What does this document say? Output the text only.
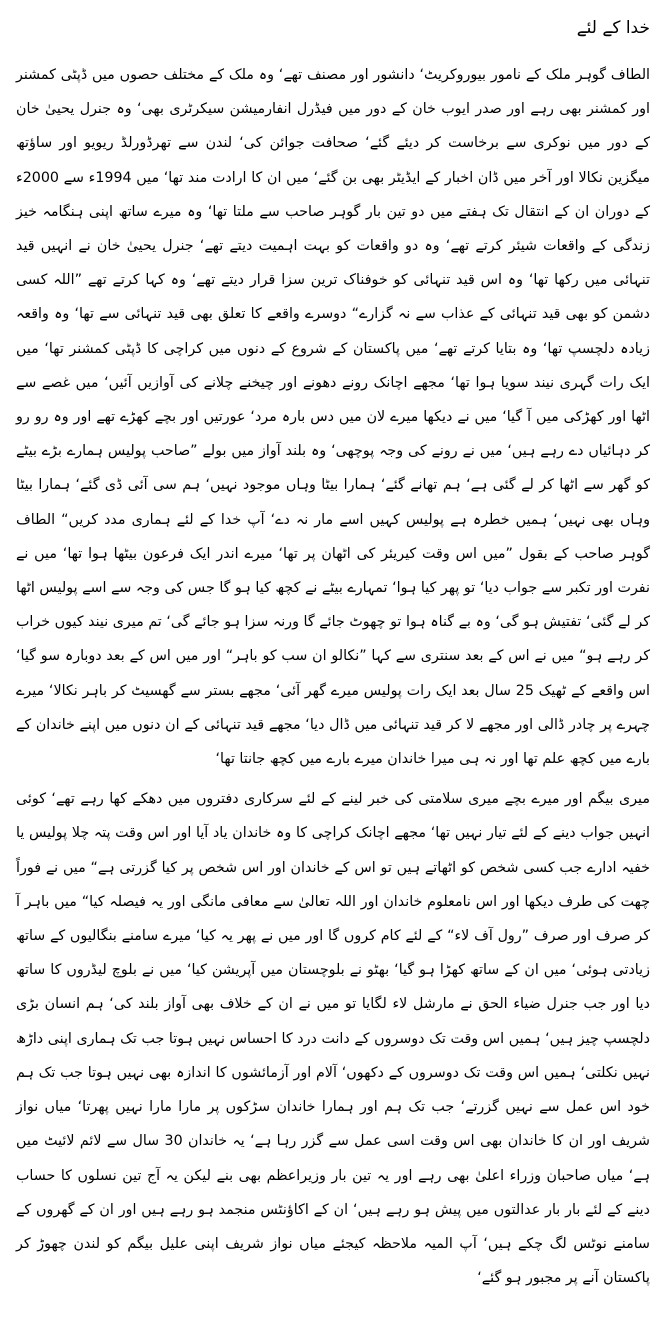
خدا کے لئے

الطاف گوہر ملک کے نامور بیوروکریٹ‘ دانشور اور مصنف تھے‘ وہ ملک کے مختلف حصوں میں ڈپٹی کمشنر اور کمشنر بھی رہے اور صدر ایوب خان کے دور میں فیڈرل انفارمیشن سیکرٹری بھی‘ وہ جنرل یحییٰ خان کے دور میں نوکری سے برخاست کر دیئے گئے‘ صحافت جوائن کی‘ لندن سے تھرڈورلڈ ریویو اور ساؤتھ میگزین نکالا اور آخر میں ڈان اخبار کے ایڈیٹر بھی بن گئے‘ میں ان کا ارادت مند تھا‘ میں 1994ء سے 2000ء کے دوران ان کے انتقال تک ہفتے میں دو تین بار گوہر صاحب سے ملتا تھا‘ وہ میرے ساتھ اپنی ہنگامہ خیز زندگی کے واقعات شیئر کرتے تھے‘ وہ دو واقعات کو بہت اہمیت دیتے تھے‘ جنرل یحییٰ خان نے انہیں قید تنہائی میں رکھا تھا‘ وہ اس قید تنہائی کو خوفناک ترین سزا قرار دیتے تھے‘ وہ کہا کرتے تھے ”اللہ کسی دشمن کو بھی قید تنہائی کے عذاب سے نہ گزارے“ دوسرے واقعے کا تعلق بھی قید تنہائی سے تھا‘ وہ واقعہ زیادہ دلچسپ تھا‘ وہ بتایا کرتے تھے‘ میں پاکستان کے شروع کے دنوں میں کراچی کا ڈپٹی کمشنر تھا‘ میں ایک رات گہری نیند سویا ہوا تھا‘ مجھے اچانک رونے دھونے اور چیخنے چلانے کی آوازیں آئیں‘ میں غصے سے اٹھا اور کھڑکی میں آ گیا‘ میں نے دیکھا میرے لان میں دس بارہ مرد‘ عورتیں اور بچے کھڑے تھے اور وہ رو رو کر دہائیاں دے رہے ہیں‘ میں نے رونے کی وجہ پوچھی‘ وہ بلند آواز میں بولے ”صاحب پولیس ہمارے بڑے بیٹے کو گھر سے اٹھا کر لے گئی ہے‘ ہم تھانے گئے‘ ہمارا بیٹا وہاں موجود نہیں‘ ہم سی آئی ڈی گئے‘ ہمارا بیٹا وہاں بھی نہیں‘ ہمیں خطرہ ہے پولیس کہیں اسے مار نہ دے‘ آپ خدا کے لئے ہماری مدد کریں“ الطاف گوہر صاحب کے بقول ”میں اس وقت کیریئر کی اٹھان پر تھا‘ میرے اندر ایک فرعون بیٹھا ہوا تھا‘ میں نے نفرت اور تکبر سے جواب دیا‘ تو پھر کیا ہوا‘ تمہارے بیٹے نے کچھ کیا ہو گا جس کی وجہ سے اسے پولیس اٹھا کر لے گئی‘ تفتیش ہو گی‘ وہ بے گناہ ہوا تو چھوٹ جائے گا ورنہ سزا ہو جائے گی‘ تم میری نیند کیوں خراب کر رہے ہو“ میں نے اس کے بعد سنتری سے کہا ”نکالو ان سب کو باہر“ اور میں اس کے بعد دوبارہ سو گیا‘ اس واقعے کے ٹھیک 25 سال بعد ایک رات پولیس میرے گھر آئی‘ مجھے بستر سے گھسیٹ کر باہر نکالا‘ میرے چہرے پر چادر ڈالی اور مجھے لا کر قید تنہائی میں ڈال دیا‘ مجھے قید تنہائی کے ان دنوں میں اپنے خاندان کے بارے میں کچھ علم تھا اور نہ ہی میرا خاندان میرے بارے میں کچھ جانتا تھا‘

میری بیگم اور میرے بچے میری سلامتی کی خبر لینے کے لئے سرکاری دفتروں میں دھکے کھا رہے تھے‘ کوئی انہیں جواب دینے کے لئے تیار نہیں تھا‘ مجھے اچانک کراچی کا وہ خاندان یاد آیا اور اس وقت پتہ چلا پولیس یا خفیہ ادارے جب کسی شخص کو اٹھاتے ہیں تو اس کے خاندان اور اس شخص پر کیا گزرتی ہے“ میں نے فوراً چھت کی طرف دیکھا اور اس نامعلوم خاندان اور اللہ تعالیٰ سے معافی مانگی اور یہ فیصلہ کیا“ میں باہر آ کر صرف اور صرف ”رول آف لاء“ کے لئے کام کروں گا اور میں نے پھر یہ کیا‘ میرے سامنے بنگالیوں کے ساتھ زیادتی ہوئی‘ میں ان کے ساتھ کھڑا ہو گیا‘ بھٹو نے بلوچستان میں آپریشن کیا‘ میں نے بلوچ لیڈروں کا ساتھ دیا اور جب جنرل ضیاء الحق نے مارشل لاء لگایا تو میں نے ان کے خلاف بھی آواز بلند کی‘ ہم انسان بڑی دلچسپ چیز ہیں‘ ہمیں اس وقت تک دوسروں کے دانت درد کا احساس نہیں ہوتا جب تک ہماری اپنی داڑھ نہیں نکلتی‘ ہمیں اس وقت تک دوسروں کے دکھوں‘ آلام اور آزمائشوں کا اندازہ بھی نہیں ہوتا جب تک ہم خود اس عمل سے نہیں گزرتے‘ جب تک ہم اور ہمارا خاندان سڑکوں پر مارا مارا نہیں پھرتا‘ میاں نواز شریف اور ان کا خاندان بھی اس وقت اسی عمل سے گزر رہا ہے‘ یہ خاندان 30 سال سے لائم لائیٹ میں ہے‘ میاں صاحبان وزراء اعلیٰ بھی رہے اور یہ تین بار وزیراعظم بھی بنے لیکن یہ آج تین نسلوں کا حساب دینے کے لئے بار بار عدالتوں میں پیش ہو رہے ہیں‘ ان کے اکاؤنٹس منجمد ہو رہے ہیں اور ان کے گھروں کے سامنے نوٹس لگ چکے ہیں‘ آپ المیہ ملاحظہ کیجئے میاں نواز شریف اپنی علیل بیگم کو لندن چھوڑ کر پاکستان آنے پر مجبور ہو گئے‘
